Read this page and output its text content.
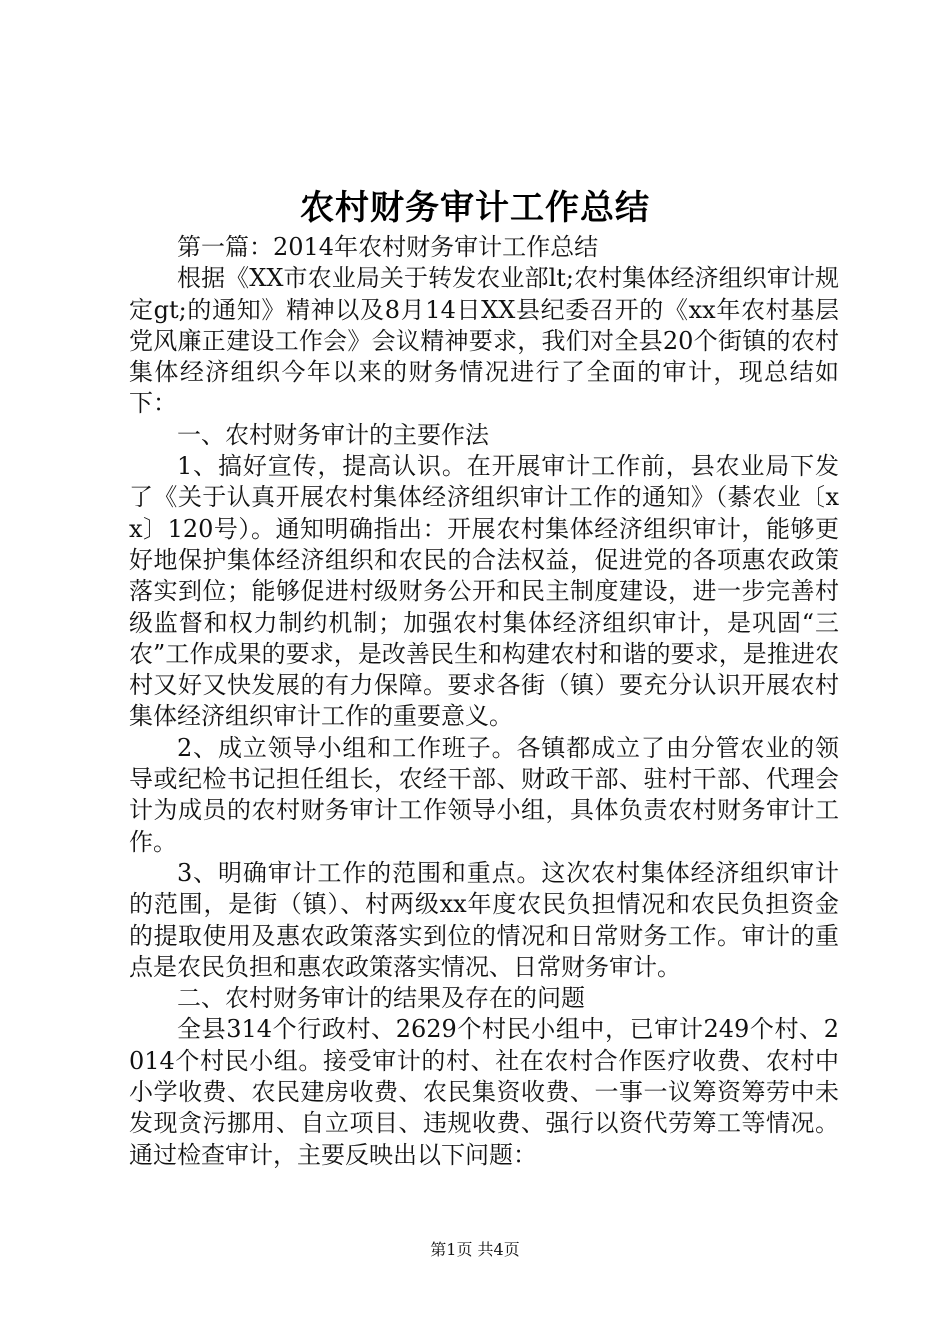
农村财务审计工作总结

第一篇：2014年农村财务审计工作总结

根据《XX市农业局关于转发农业部lt;农村集体经济组织审计规定gt;的通知》精神以及8月14日XX县纪委召开的《xx年农村基层党风廉正建设工作会》会议精神要求，我们对全县20个街镇的农村集体经济组织今年以来的财务情况进行了全面的审计，现总结如下：

一、农村财务审计的主要作法

1、搞好宣传，提高认识。在开展审计工作前，县农业局下发了《关于认真开展农村集体经济组织审计工作的通知》（綦农业〔xx〕120号）。通知明确指出：开展农村集体经济组织审计，能够更好地保护集体经济组织和农民的合法权益，促进党的各项惠农政策落实到位；能够促进村级财务公开和民主制度建设，进一步完善村级监督和权力制约机制；加强农村集体经济组织审计，是巩固“三农”工作成果的要求，是改善民生和构建农村和谐的要求，是推进农村又好又快发展的有力保障。要求各街（镇）要充分认识开展农村集体经济组织审计工作的重要意义。

2、成立领导小组和工作班子。各镇都成立了由分管农业的领导或纪检书记担任组长，农经干部、财政干部、驻村干部、代理会计为成员的农村财务审计工作领导小组，具体负责农村财务审计工作。

3、明确审计工作的范围和重点。这次农村集体经济组织审计的范围，是街（镇）、村两级xx年度农民负担情况和农民负担资金的提取使用及惠农政策落实到位的情况和日常财务工作。审计的重点是农民负担和惠农政策落实情况、日常财务审计。

二、农村财务审计的结果及存在的问题

全县314个行政村、2629个村民小组中，已审计249个村、2014个村民小组。接受审计的村、社在农村合作医疗收费、农村中小学收费、农民建房收费、农民集资收费、一事一议筹资筹劳中未发现贪污挪用、自立项目、违规收费、强行以资代劳筹工等情况。通过检查审计，主要反映出以下问题：

第1页 共4页
